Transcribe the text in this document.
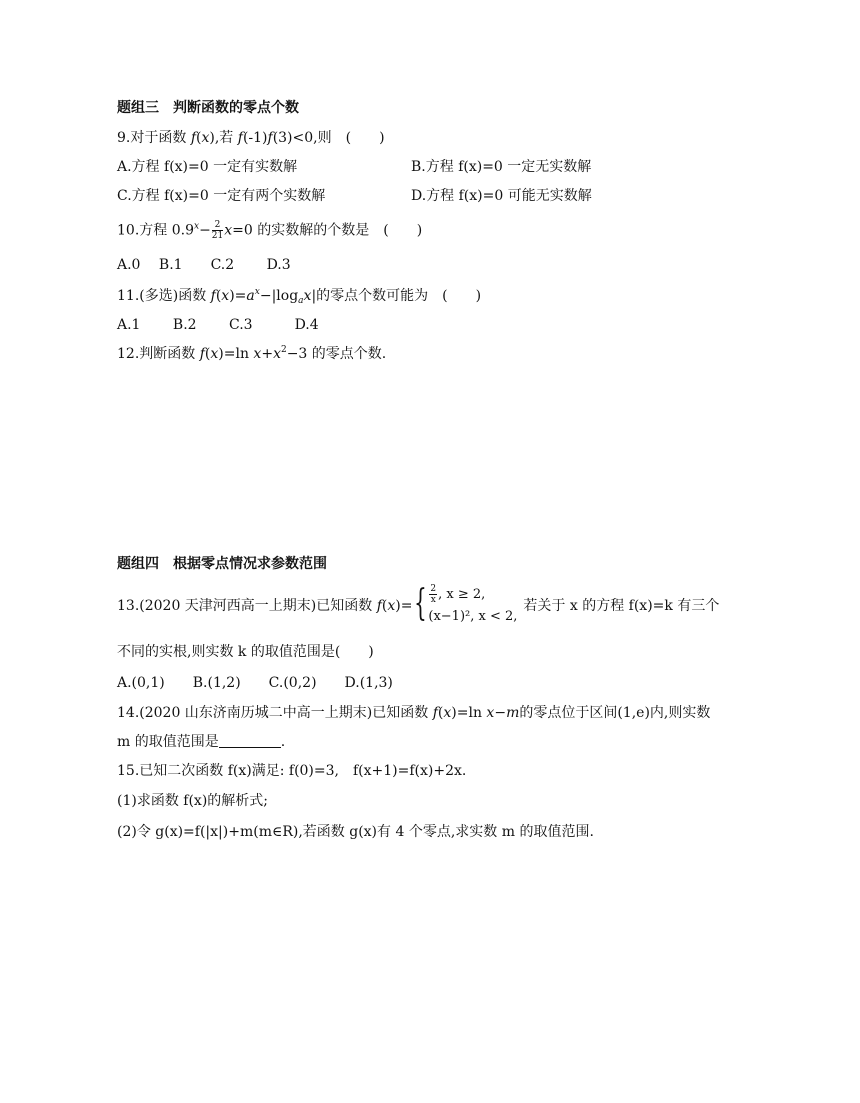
题组三　判断函数的零点个数
9.对于函数 f(x),若 f(-1)f(3)<0,则　(　　)
A.方程 f(x)=0 一定有实数解	B.方程 f(x)=0 一定无实数解
C.方程 f(x)=0 一定有两个实数解	D.方程 f(x)=0 可能无实数解
10.方程 $0.9^x- \frac{2}{21} x=0$ 的实数解的个数是　(　　)
A.0　 B.1　　C.2　　 D.3
11.(多选)函数 $f(x)=a^x-|\log_ax|$的零点个数可能为　(　　)
A.1　　 B.2　　 C.3　　　D.4
12.判断函数 f(x)=ln $x+x^2-3$ 的零点个数.
题组四　根据零点情况求参数范围
13.(2020 天津河西高一上期末)已知函数 $f(x)=\{ \frac{2}{x}$ , x ≥ 2,
(x−1)², x < 2,
若关于 x 的方程 f(x)=k 有三个
不同的实根,则实数 k 的取值范围是(　　)
A.(0,1)　　B.(1,2)　　C.(0,2)　　D.(1,3)
14.(2020 山东济南历城二中高一上期末)已知函数 f(x)=ln x−m的零点位于区间(1,e)内,则实数
m 的取值范围是	.
15.已知二次函数 f(x)满足: f(0)=3,　f(x+1)=f(x)+2x.
(1)求函数 f(x)的解析式;
(2)令 g(x)=f(|x|)+m(m∈R),若函数 g(x)有 4 个零点,求实数 m 的取值范围.
